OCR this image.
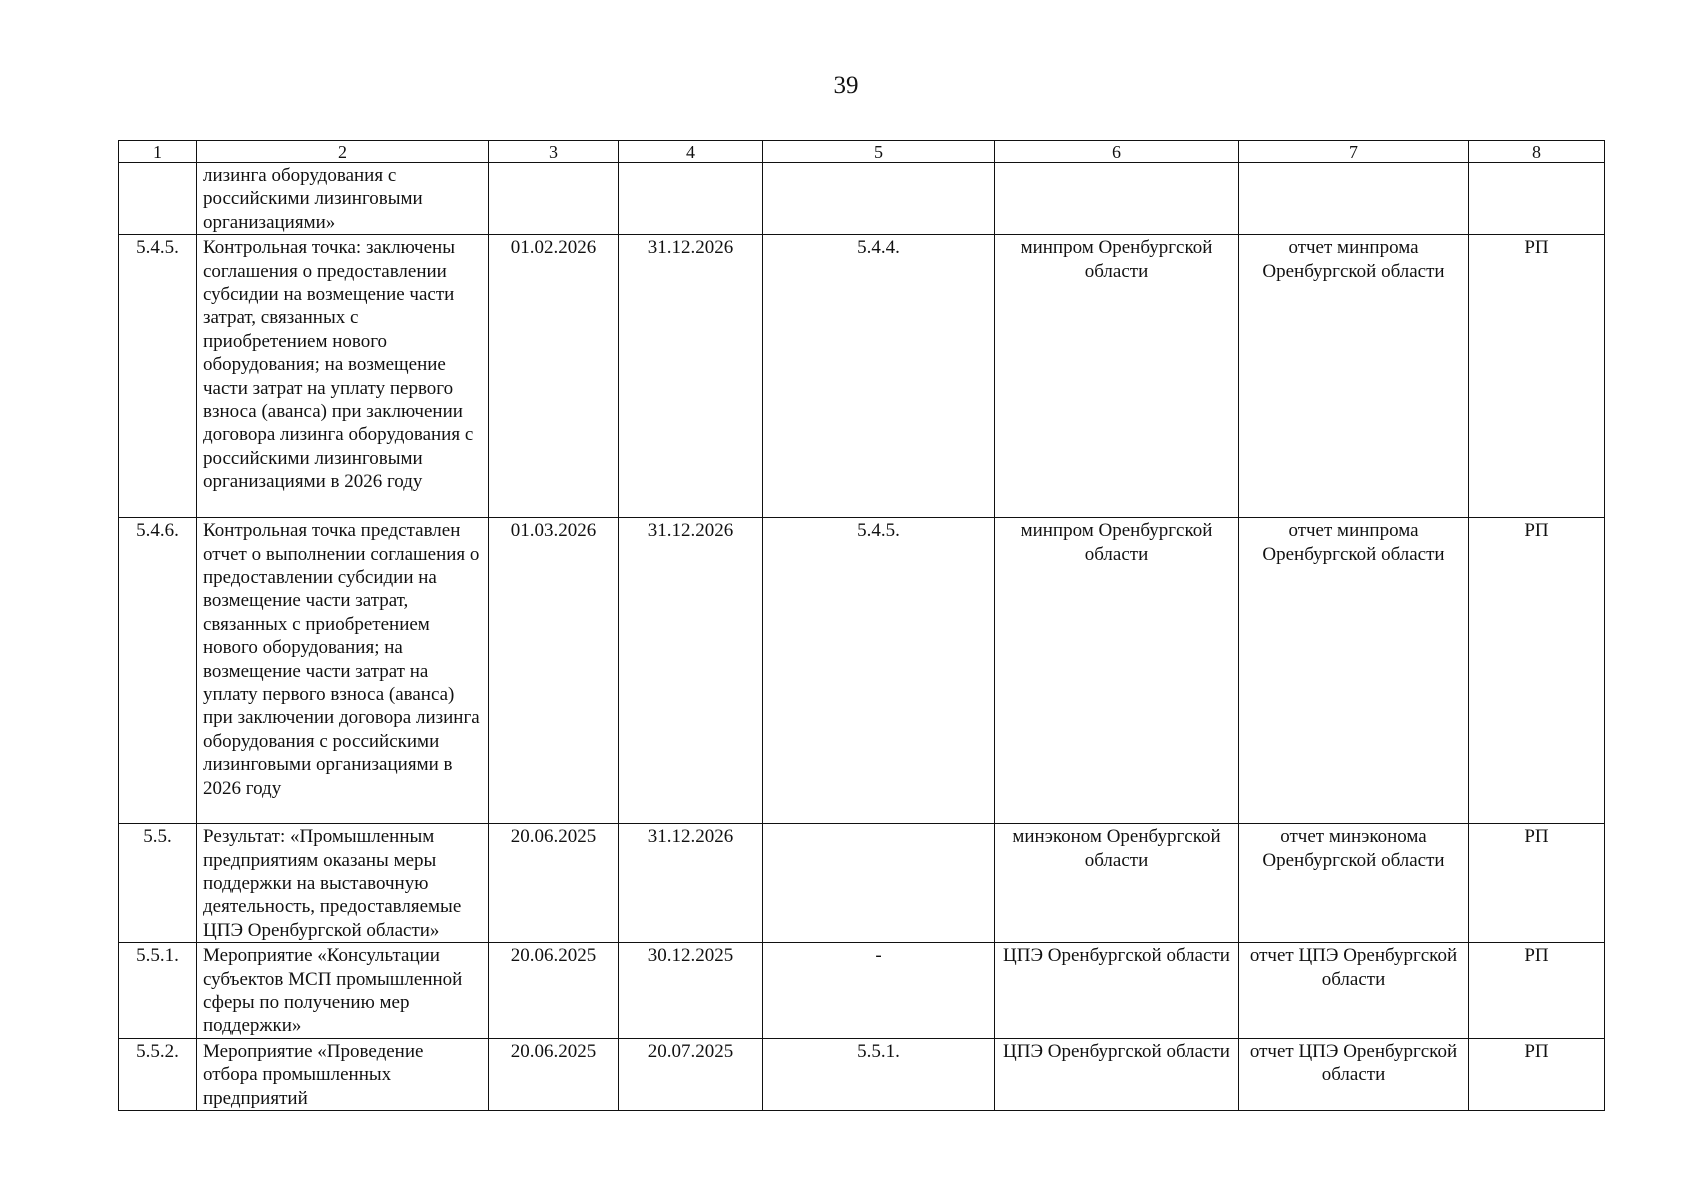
39
1	2	3	4	5	6	7	8
	лизинга оборудования с российскими лизинговыми организациями»						
5.4.5.	Контрольная точка: заключены соглашения о предоставлении субсидии на возмещение части затрат, связанных с приобретением нового оборудования; на возмещение части затрат на уплату первого взноса (аванса) при заключении договора лизинга оборудования с российскими лизинговыми организациями в 2026 году	01.02.2026	31.12.2026	5.4.4.	минпром Оренбургской области	отчет минпрома Оренбургской области	РП
5.4.6.	Контрольная точка представлен отчет о выполнении соглашения о предоставлении субсидии на возмещение части затрат, связанных с приобретением нового оборудования; на возмещение части затрат на уплату первого взноса (аванса) при заключении договора лизинга оборудования с российскими лизинговыми организациями в 2026 году	01.03.2026	31.12.2026	5.4.5.	минпром Оренбургской области	отчет минпрома Оренбургской области	РП
5.5.	Результат: «Промышленным предприятиям оказаны меры поддержки на выставочную деятельность, предоставляемые ЦПЭ Оренбургской области»	20.06.2025	31.12.2026		минэконом Оренбургской области	отчет минэконома Оренбургской области	РП
5.5.1.	Мероприятие «Консультации субъектов МСП промышленной сферы по получению мер поддержки»	20.06.2025	30.12.2025	-	ЦПЭ Оренбургской области	отчет ЦПЭ Оренбургской области	РП
5.5.2.	Мероприятие «Проведение отбора промышленных предприятий	20.06.2025	20.07.2025	5.5.1.	ЦПЭ Оренбургской области	отчет ЦПЭ Оренбургской области	РП
